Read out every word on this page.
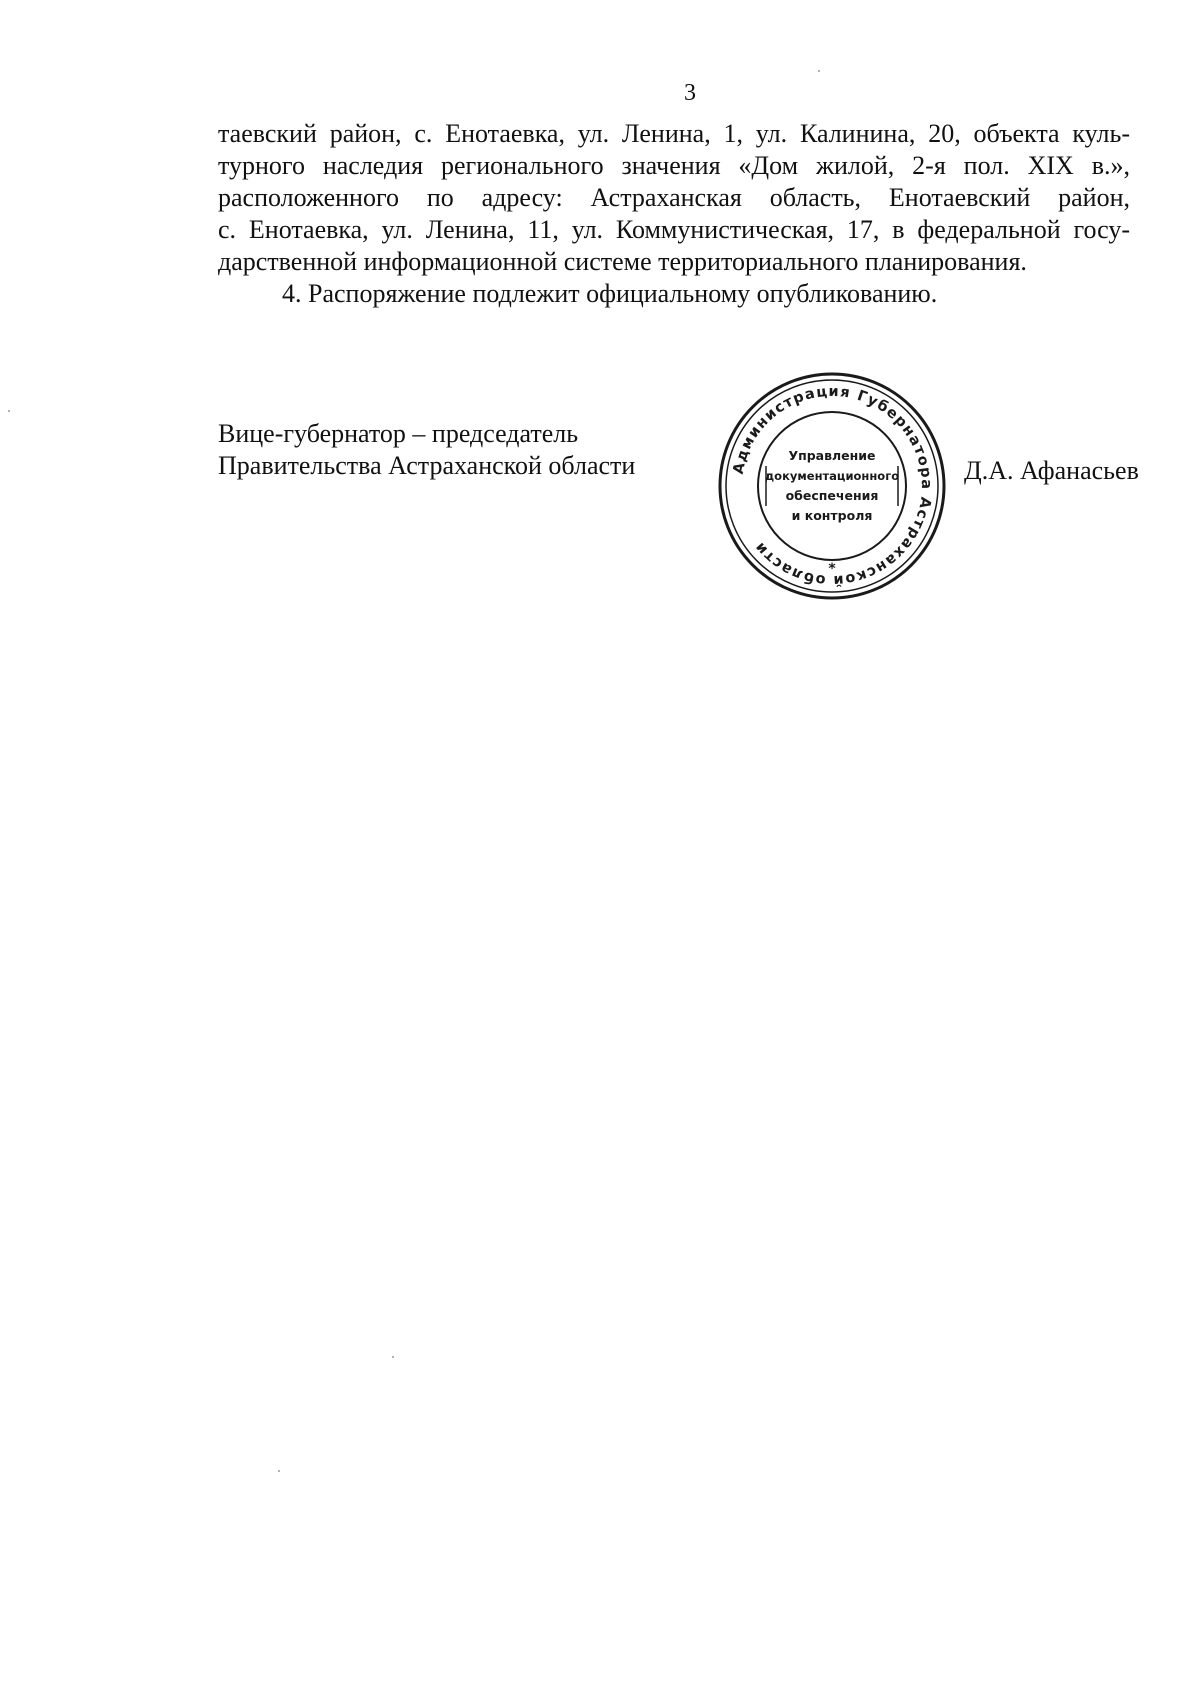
3

таевский район, с. Енотаевка, ул. Ленина, 1, ул. Калинина, 20, объекта куль-

турного наследия регионального значения «Дом жилой, 2-я пол. XIX в.»,

расположенного по адресу: Астраханская область, Енотаевский район,

с. Енотаевка, ул. Ленина, 11, ул. Коммунистическая, 17, в федеральной госу-

дарственной информационной системе территориального планирования.

4. Распоряжение подлежит официальному опубликованию.

Вице-губернатор – председатель
Правительства Астраханской области	Администрация Губернатора Астраханской области
*
Управление
документационного
обеспечения
и контроля
Д.А. Афанасьев
